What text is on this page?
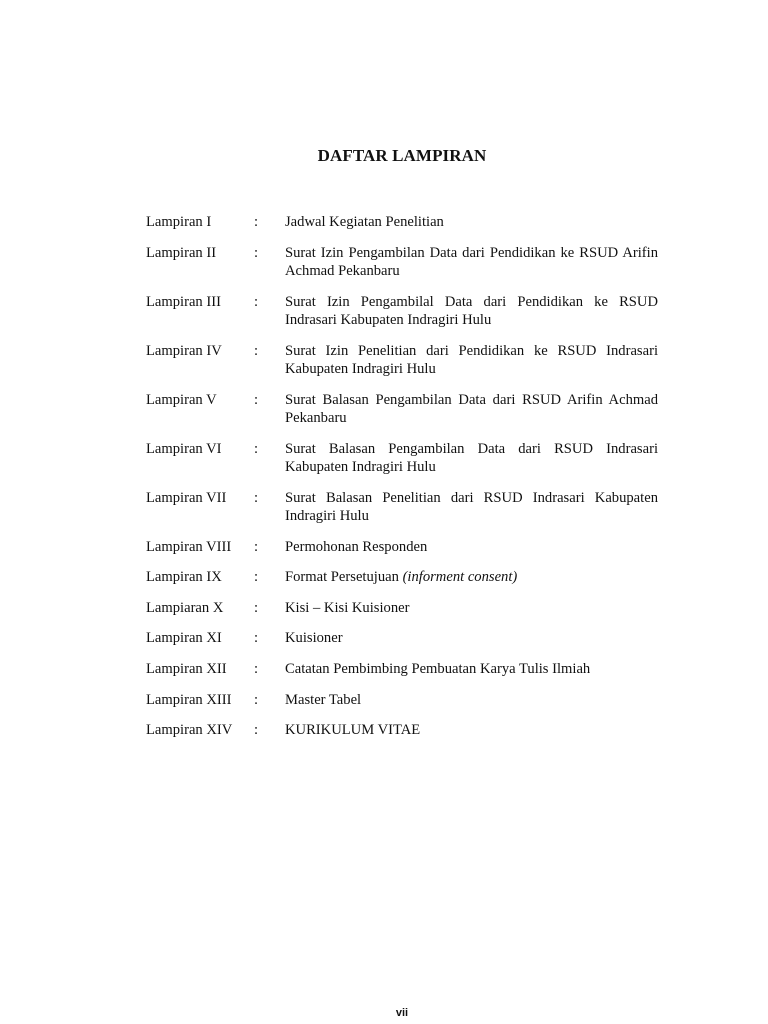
DAFTAR LAMPIRAN
Lampiran I	:	Jadwal Kegiatan Penelitian
Lampiran II	:	Surat Izin Pengambilan Data dari Pendidikan ke RSUD Arifin Achmad Pekanbaru
Lampiran III	:	Surat Izin Pengambilal Data dari Pendidikan ke RSUD Indrasari Kabupaten Indragiri Hulu
Lampiran IV	:	Surat Izin Penelitian dari Pendidikan ke RSUD Indrasari Kabupaten Indragiri Hulu
Lampiran V	:	Surat Balasan Pengambilan Data dari RSUD Arifin Achmad Pekanbaru
Lampiran VI	:	Surat Balasan Pengambilan Data dari RSUD Indrasari Kabupaten Indragiri Hulu
Lampiran VII	:	Surat Balasan Penelitian dari RSUD Indrasari Kabupaten Indragiri Hulu
Lampiran VIII	:	Permohonan Responden
Lampiran IX	:	Format Persetujuan (informent consent)
Lampiaran X	:	Kisi – Kisi Kuisioner
Lampiran XI	:	Kuisioner
Lampiran XII	:	Catatan Pembimbing Pembuatan Karya Tulis Ilmiah
Lampiran XIII	:	Master Tabel
Lampiran XIV	:	KURIKULUM VITAE
vii
